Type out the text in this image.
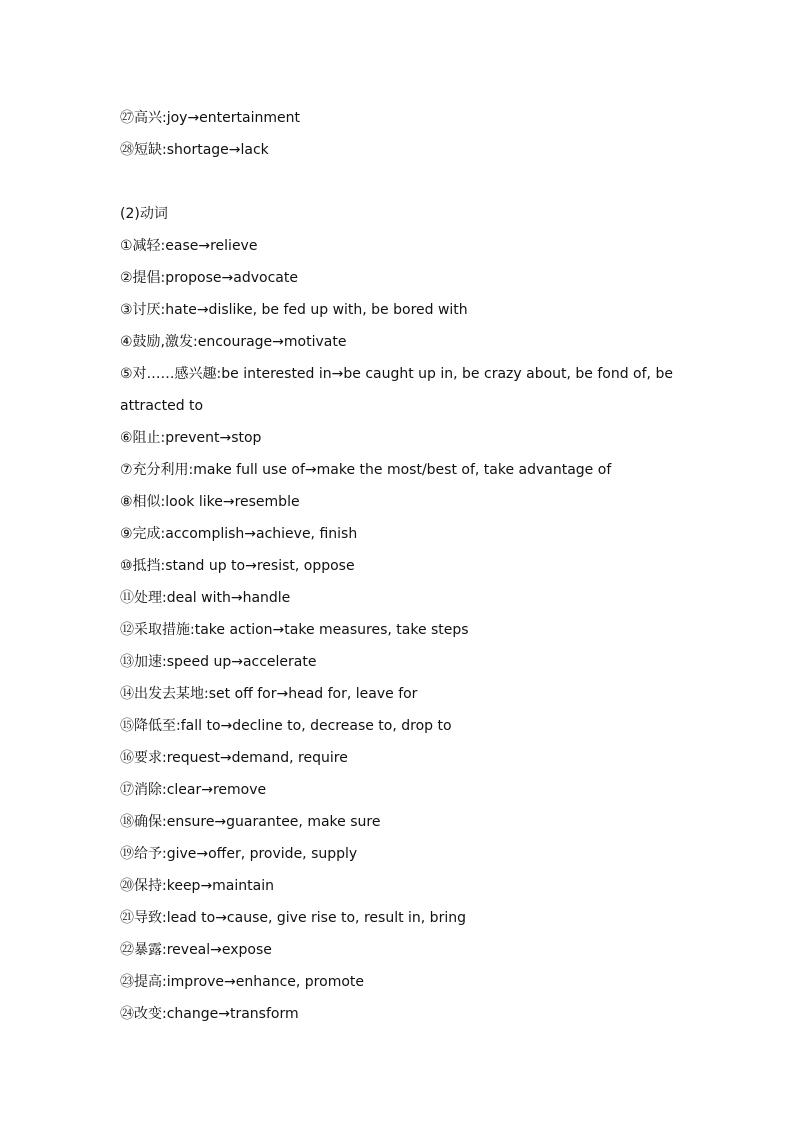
㉗高兴:joy→entertainment
㉘短缺:shortage→lack
(2)动词
①减轻:ease→relieve
②提倡:propose→advocate
③讨厌:hate→dislike, be fed up with, be bored with
④鼓励,激发:encourage→motivate
⑤对……感兴趣:be interested in→be caught up in, be crazy about, be fond of, be attracted to
⑥阻止:prevent→stop
⑦充分利用:make full use of→make the most/best of, take advantage of
⑧相似:look like→resemble
⑨完成:accomplish→achieve, finish
⑩抵挡:stand up to→resist, oppose
⑪处理:deal with→handle
⑫采取措施:take action→take measures, take steps
⑬加速:speed up→accelerate
⑭出发去某地:set off for→head for, leave for
⑮降低至:fall to→decline to, decrease to, drop to
⑯要求:request→demand, require
⑰消除:clear→remove
⑱确保:ensure→guarantee, make sure
⑲给予:give→offer, provide, supply
⑳保持:keep→maintain
㉑导致:lead to→cause, give rise to, result in, bring
㉒暴露:reveal→expose
㉓提高:improve→enhance, promote
㉔改变:change→transform
